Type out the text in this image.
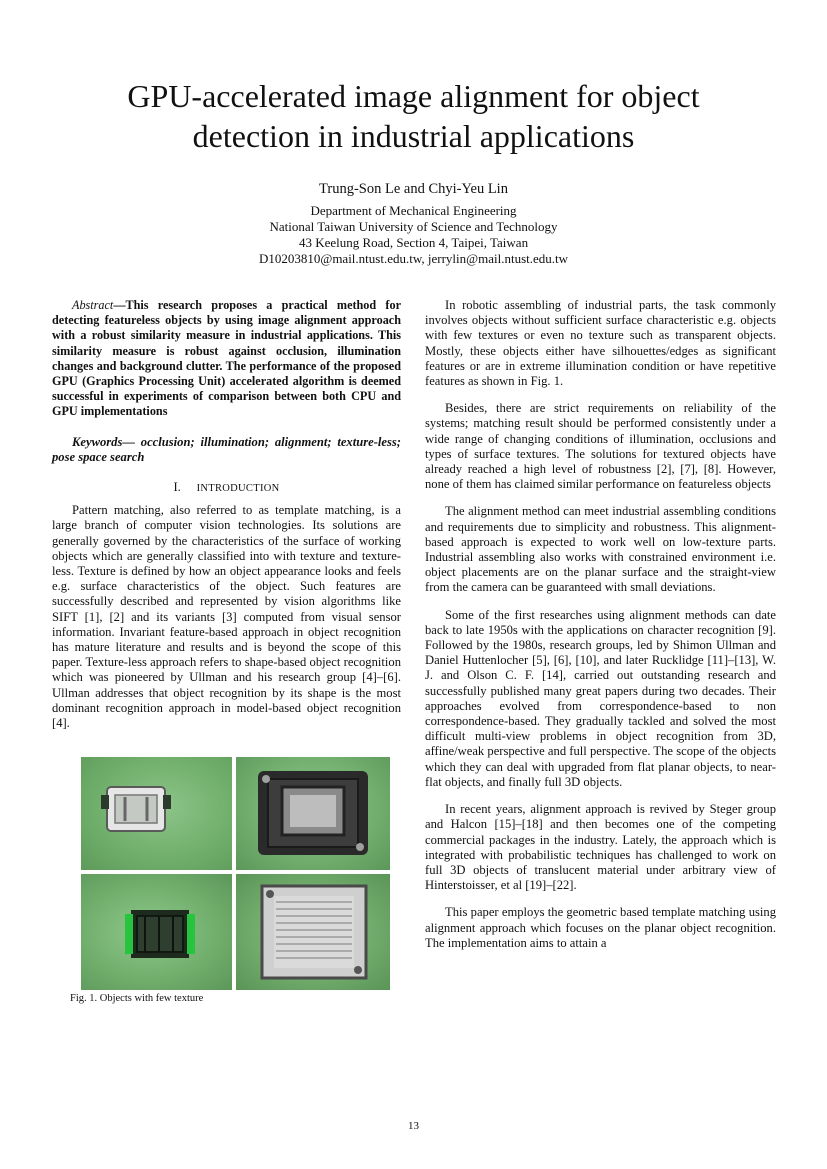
GPU-accelerated image alignment for object
detection in industrial applications
Trung-Son Le and Chyi-Yeu Lin
Department of Mechanical Engineering
National Taiwan University of Science and Technology
43 Keelung Road, Section 4, Taipei, Taiwan
D10203810@mail.ntust.edu.tw, jerrylin@mail.ntust.edu.tw

Abstract—This research proposes a practical method for detecting featureless objects by using image alignment approach with a robust similarity measure in industrial applications. This similarity measure is robust against occlusion, illumination changes and background clutter. The performance of the proposed GPU (Graphics Processing Unit) accelerated algorithm is deemed successful in experiments of comparison between both CPU and GPU implementations

Keywords— occlusion; illumination; alignment; texture-less; pose space search

I. INTRODUCTION

Pattern matching, also referred to as template matching, is a large branch of computer vision technologies. Its solutions are generally governed by the characteristics of the surface of working objects which are generally classified into with texture and texture-less. Texture is defined by how an object appearance looks and feels e.g. surface characteristics of the object. Such features are successfully described and represented by vision algorithms like SIFT [1], [2] and its variants [3] computed from visual sensor information. Invariant feature-based approach in object recognition has mature literature and results and is beyond the scope of this paper. Texture-less approach refers to shape-based object recognition which was pioneered by Ullman and his research group [4]–[6]. Ullman addresses that object recognition by its shape is the most dominant recognition approach in model-based object recognition [4].

Fig. 1. Objects with few texture

In robotic assembling of industrial parts, the task commonly involves objects without sufficient surface characteristic e.g. objects with few textures or even no texture such as transparent objects. Mostly, these objects either have silhouettes/edges as significant features or are in extreme illumination condition or have repetitive features as shown in Fig. 1.

Besides, there are strict requirements on reliability of the systems; matching result should be performed consistently under a wide range of changing conditions of illumination, occlusions and types of surface textures. The solutions for textured objects have already reached a high level of robustness [2], [7], [8]. However, none of them has claimed similar performance on featureless objects

The alignment method can meet industrial assembling conditions and requirements due to simplicity and robustness. This alignment-based approach is expected to work well on low-texture parts. Industrial assembling also works with constrained environment i.e. object placements are on the planar surface and the straight-view from the camera can be guaranteed with small deviations.

Some of the first researches using alignment methods can date back to late 1950s with the applications on character recognition [9]. Followed by the 1980s, research groups, led by Shimon Ullman and Daniel Huttenlocher [5], [6], [10], and later Rucklidge [11]–[13], W. J. and Olson C. F. [14], carried out outstanding research and successfully published many great papers during two decades. Their approaches evolved from correspondence-based to non correspondence-based. They gradually tackled and solved the most difficult multi-view problems in object recognition from 3D, affine/weak perspective and full perspective. The scope of the objects which they can deal with upgraded from flat planar objects, to near-flat objects, and finally full 3D objects.

In recent years, alignment approach is revived by Steger group and Halcon [15]–[18] and then becomes one of the competing commercial packages in the industry. Lately, the approach which is integrated with probabilistic techniques has challenged to work on full 3D objects of translucent material under arbitrary view of Hinterstoisser, et al [19]–[22].

This paper employs the geometric based template matching using alignment approach which focuses on the planar object recognition. The implementation aims to attain a

13
